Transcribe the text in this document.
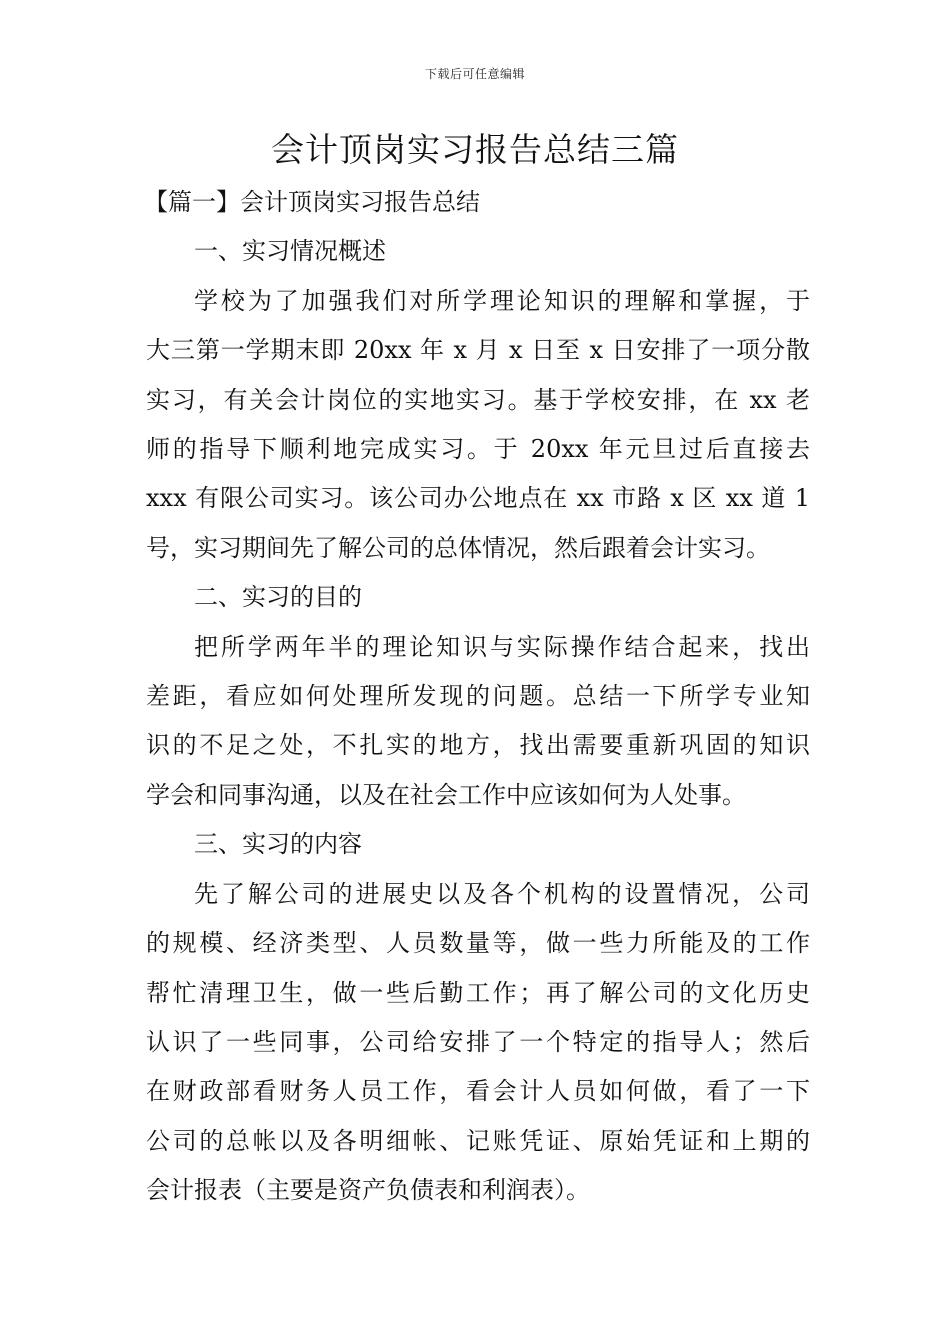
下载后可任意编辑
会计顶岗实习报告总结三篇

【篇一】会计顶岗实习报告总结

一、实习情况概述

学校为了加强我们对所学理论知识的理解和掌握，于

大三第一学期末即 20xx 年 x 月 x 日至 x 日安排了一项分散

实习，有关会计岗位的实地实习。基于学校安排，在 xx 老

师的指导下顺利地完成实习。于 20xx 年元旦过后直接去

xxx 有限公司实习。该公司办公地点在 xx 市路 x 区 xx 道 1

号，实习期间先了解公司的总体情况，然后跟着会计实习。

二、实习的目的

把所学两年半的理论知识与实际操作结合起来，找出

差距，看应如何处理所发现的问题。总结一下所学专业知

识的不足之处，不扎实的地方，找出需要重新巩固的知识

学会和同事沟通，以及在社会工作中应该如何为人处事。

三、实习的内容

先了解公司的进展史以及各个机构的设置情况，公司

的规模、经济类型、人员数量等，做一些力所能及的工作

帮忙清理卫生，做一些后勤工作；再了解公司的文化历史

认识了一些同事，公司给安排了一个特定的指导人；然后

在财政部看财务人员工作，看会计人员如何做，看了一下

公司的总帐以及各明细帐、记账凭证、原始凭证和上期的

会计报表（主要是资产负债表和利润表）。
